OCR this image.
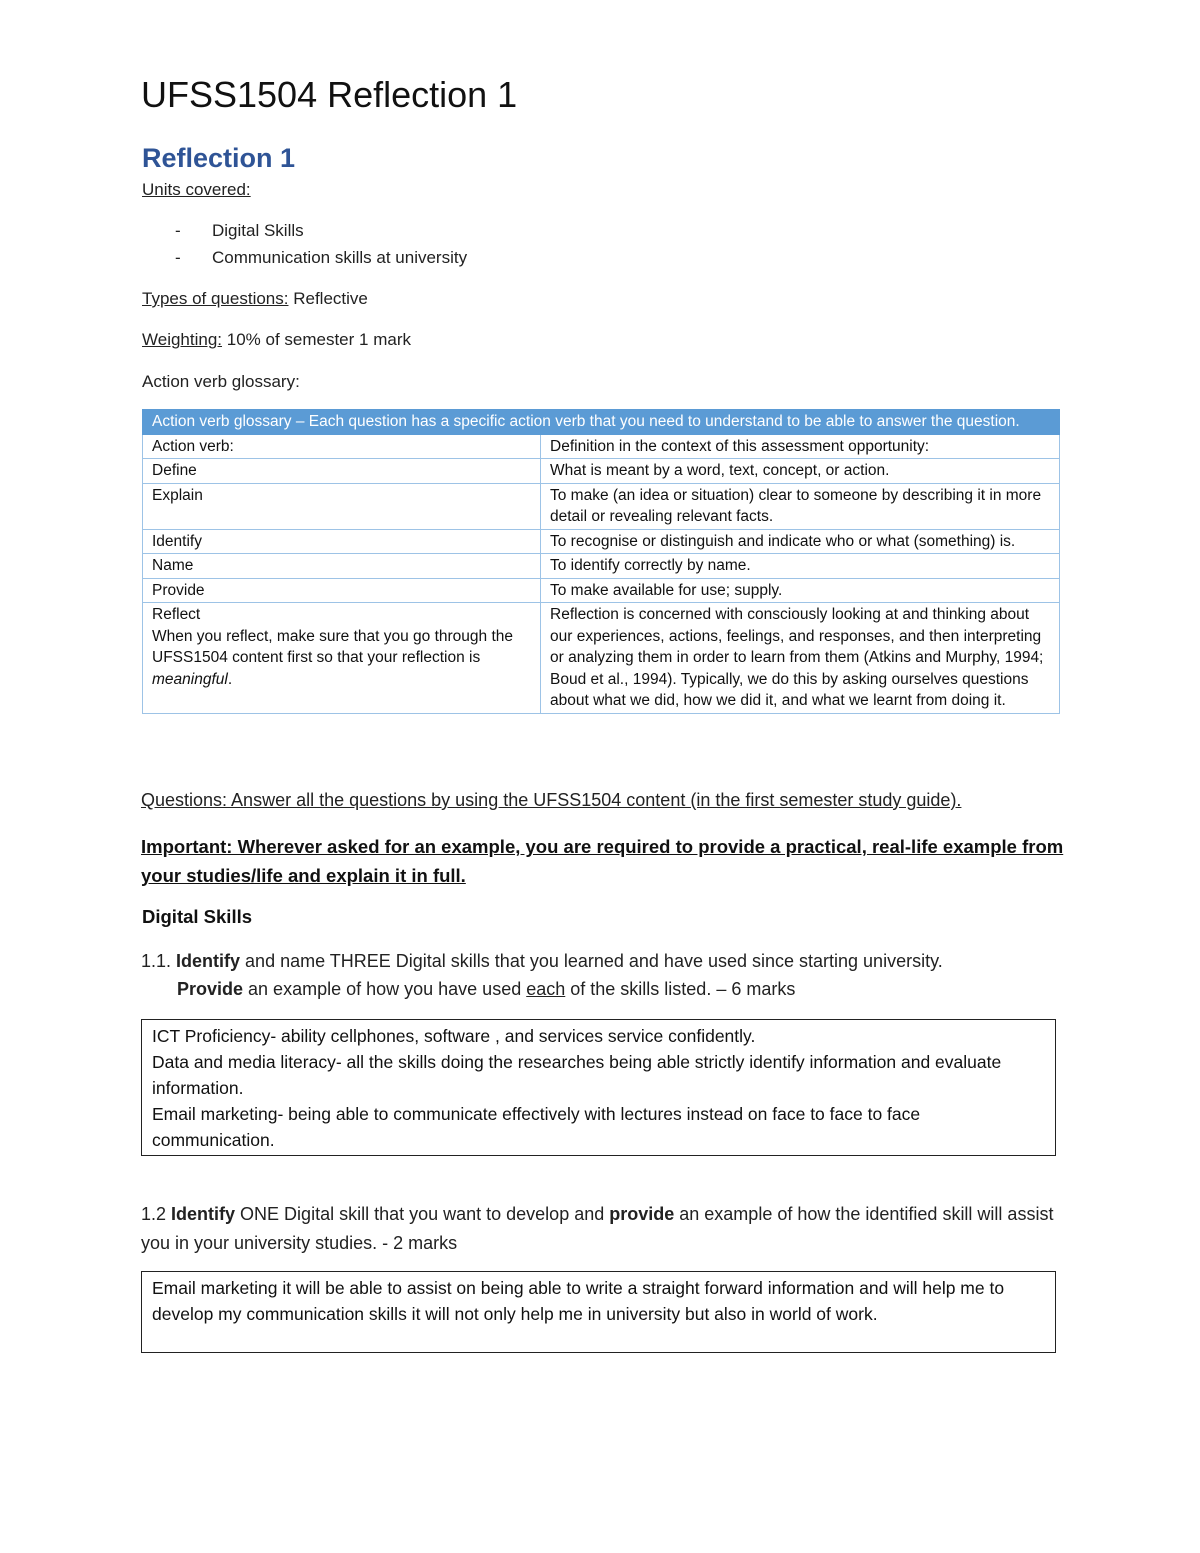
UFSS1504 Reflection 1
Reflection 1
Units covered:
- Digital Skills
- Communication skills at university
Types of questions: Reflective
Weighting: 10% of semester 1 mark
Action verb glossary:
Action verb glossary – Each question has a specific action verb that you need to understand to be able to answer the question.	
Action verb:	Definition in the context of this assessment opportunity:
Define	What is meant by a word, text, concept, or action.
Explain	To make (an idea or situation) clear to someone by describing it in more detail or revealing relevant facts.
Identify	To recognise or distinguish and indicate who or what (something) is.
Name	To identify correctly by name.
Provide	To make available for use; supply.

Reflect
When you reflect, make sure that you go through the UFSS1504 content first so that your reflection is meaningful.	Reflection is concerned with consciously looking at and thinking about our experiences, actions, feelings, and responses, and then interpreting or analyzing them in order to learn from them (Atkins and Murphy, 1994; Boud et al., 1994). Typically, we do this by asking ourselves questions about what we did, how we did it, and what we learnt from doing it.
Questions: Answer all the questions by using the UFSS1504 content (in the first semester study guide).
Important: Wherever asked for an example, you are required to provide a practical, real-life example from your studies/life and explain it in full.
Digital Skills
1.1. Identify and name THREE Digital skills that you learned and have used since starting university.
Provide an example of how you have used each of the skills listed. – 6 marks
ICT Proficiency- ability cellphones, software , and services service confidently.
Data and media literacy- all the skills doing the researches being able strictly identify information and evaluate information.
Email marketing- being able to communicate effectively with lectures instead on face to face to face communication.
1.2 Identify ONE Digital skill that you want to develop and provide an example of how the identified skill will assist you in your university studies. - 2 marks
Email marketing it will be able to assist on being able to write a straight forward information and will help me to develop my communication skills it will not only help me in university but also in world of work.
